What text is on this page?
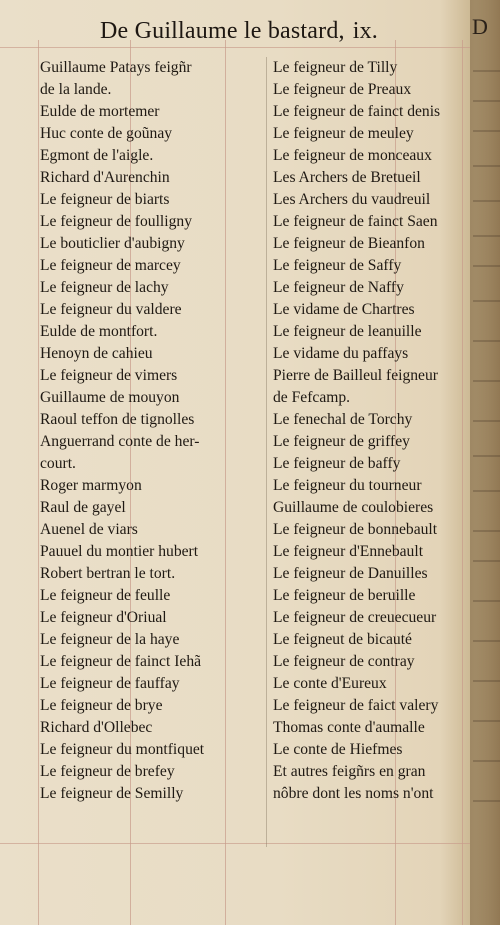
De Guillaume le bastard, ix.
Guillaume Patays feigñr
de la lande.
Eulde de mortemer
Huc conte de goũnay
Egmont de l'aigle.
Richard d'Aurenchin
Le feigneur de biarts
Le feigneur de foulligny
Le bouticlier d'aubigny
Le feigneur de marcey
Le feigneur de lachy
Le feigneur du valdere
Eulde de montfort.
Henoyn de cahieu
Le feigneur de vimers
Guillaume de mouyon
Raoul teffon de tignolles
Anguerrand conte de her-
court.
Roger marmyon
Raul de gayel
Auenel de viars
Pauuel du montier hubert
Robert bertran le tort.
Le feigneur de feulle
Le feigneur d'Oriual
Le feigneur de la haye
Le feigneur de fainct Iehã
Le feigneur de fauffay
Le feigneur de brye
Richard d'Ollebec
Le feigneur du montfiquet
Le feigneur de brefey
Le feigneur de Semilly
Le feigneur de Tilly
Le feigneur de Preaux
Le feigneur de fainct denis
Le feigneur de meuley
Le feigneur de monceaux
Les Archers de Bretueil
Les Archers du vaudreuil
Le feigneur de fainct Saen
Le feigneur de Bieanfon
Le feigneur de Saffy
Le feigneur de Naffy
Le vidame de Chartres
Le feigneur de leanuille
Le vidame du paffays
Pierre de Bailleul feigneur
de Fefcamp.
Le fenechal de Torchy
Le feigneur de griffey
Le feigneur de baffy
Le feigneur du tourneur
Guillaume de coulobieres
Le feigneur de bonnebault
Le feigneur d'Ennebault
Le feigneur de Danuilles
Le feigneur de beruille
Le feigneur de creuecueur
Le feigneut de bicauté
Le feigneur de contray
Le conte d'Eureux
Le feigneur de faict valery
Thomas conte d'aumalle
Le conte de Hiefmes
Et autres feigñrs en gran
nôbre dont les noms n'ont
D
